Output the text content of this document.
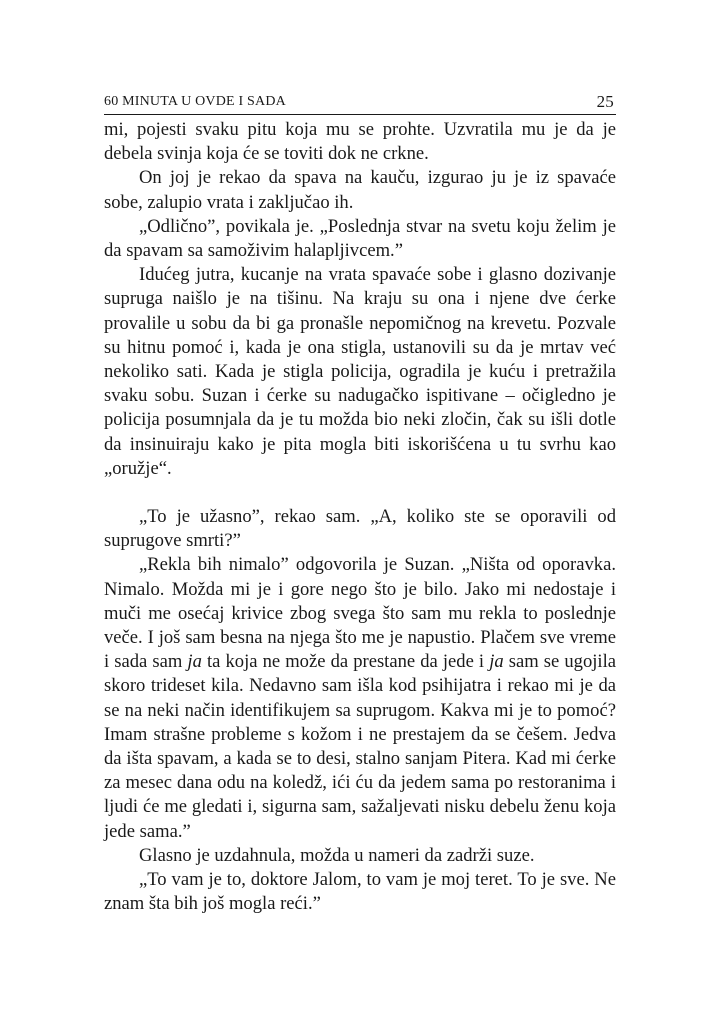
60 MINUTA U OVDE I SADA	25

mi, pojesti svaku pitu koja mu se prohte. Uzvratila mu je da je debela svinja koja će se toviti dok ne crkne.

On joj je rekao da spava na kauču, izgurao ju je iz spavaće sobe, zalupio vrata i zaključao ih.

„Odlično”, povikala je. „Poslednja stvar na svetu koju želim je da spavam sa samoživim halapljivcem.”

Idućeg jutra, kucanje na vrata spavaće sobe i glasno dozivanje supruga naišlo je na tišinu. Na kraju su ona i njene dve ćerke provalile u sobu da bi ga pronašle nepomičnog na krevetu. Pozvale su hitnu pomoć i, kada je ona stigla, ustanovili su da je mrtav već nekoliko sati. Kada je stigla policija, ogradila je kuću i pretražila svaku sobu. Suzan i ćerke su nadugačko ispitivane – očigledno je policija posumnjala da je tu možda bio neki zločin, čak su išli dotle da insinuiraju kako je pita mogla biti iskorišćena u tu svrhu kao „oružje“.

„To je užasno”, rekao sam. „A, koliko ste se oporavili od suprugove smrti?”

„Rekla bih nimalo” odgovorila je Suzan. „Ništa od oporavka. Nimalo. Možda mi je i gore nego što je bilo. Jako mi nedostaje i muči me osećaj krivice zbog svega što sam mu rekla to poslednje veče. I još sam besna na njega što me je napustio. Plačem sve vreme i sada sam ja ta koja ne može da prestane da jede i ja sam se ugojila skoro trideset kila. Nedavno sam išla kod psihijatra i rekao mi je da se na neki način identifikujem sa suprugom. Kakva mi je to pomoć? Imam strašne probleme s kožom i ne prestajem da se češem. Jedva da išta spavam, a kada se to desi, stalno sanjam Pitera. Kad mi ćerke za mesec dana odu na koledž, ići ću da jedem sama po restoranima i ljudi će me gledati i, sigurna sam, sažaljevati nisku debelu ženu koja jede sama.”

Glasno je uzdahnula, možda u nameri da zadrži suze.

„To vam je to, doktore Jalom, to vam je moj teret. To je sve. Ne znam šta bih još mogla reći.”
